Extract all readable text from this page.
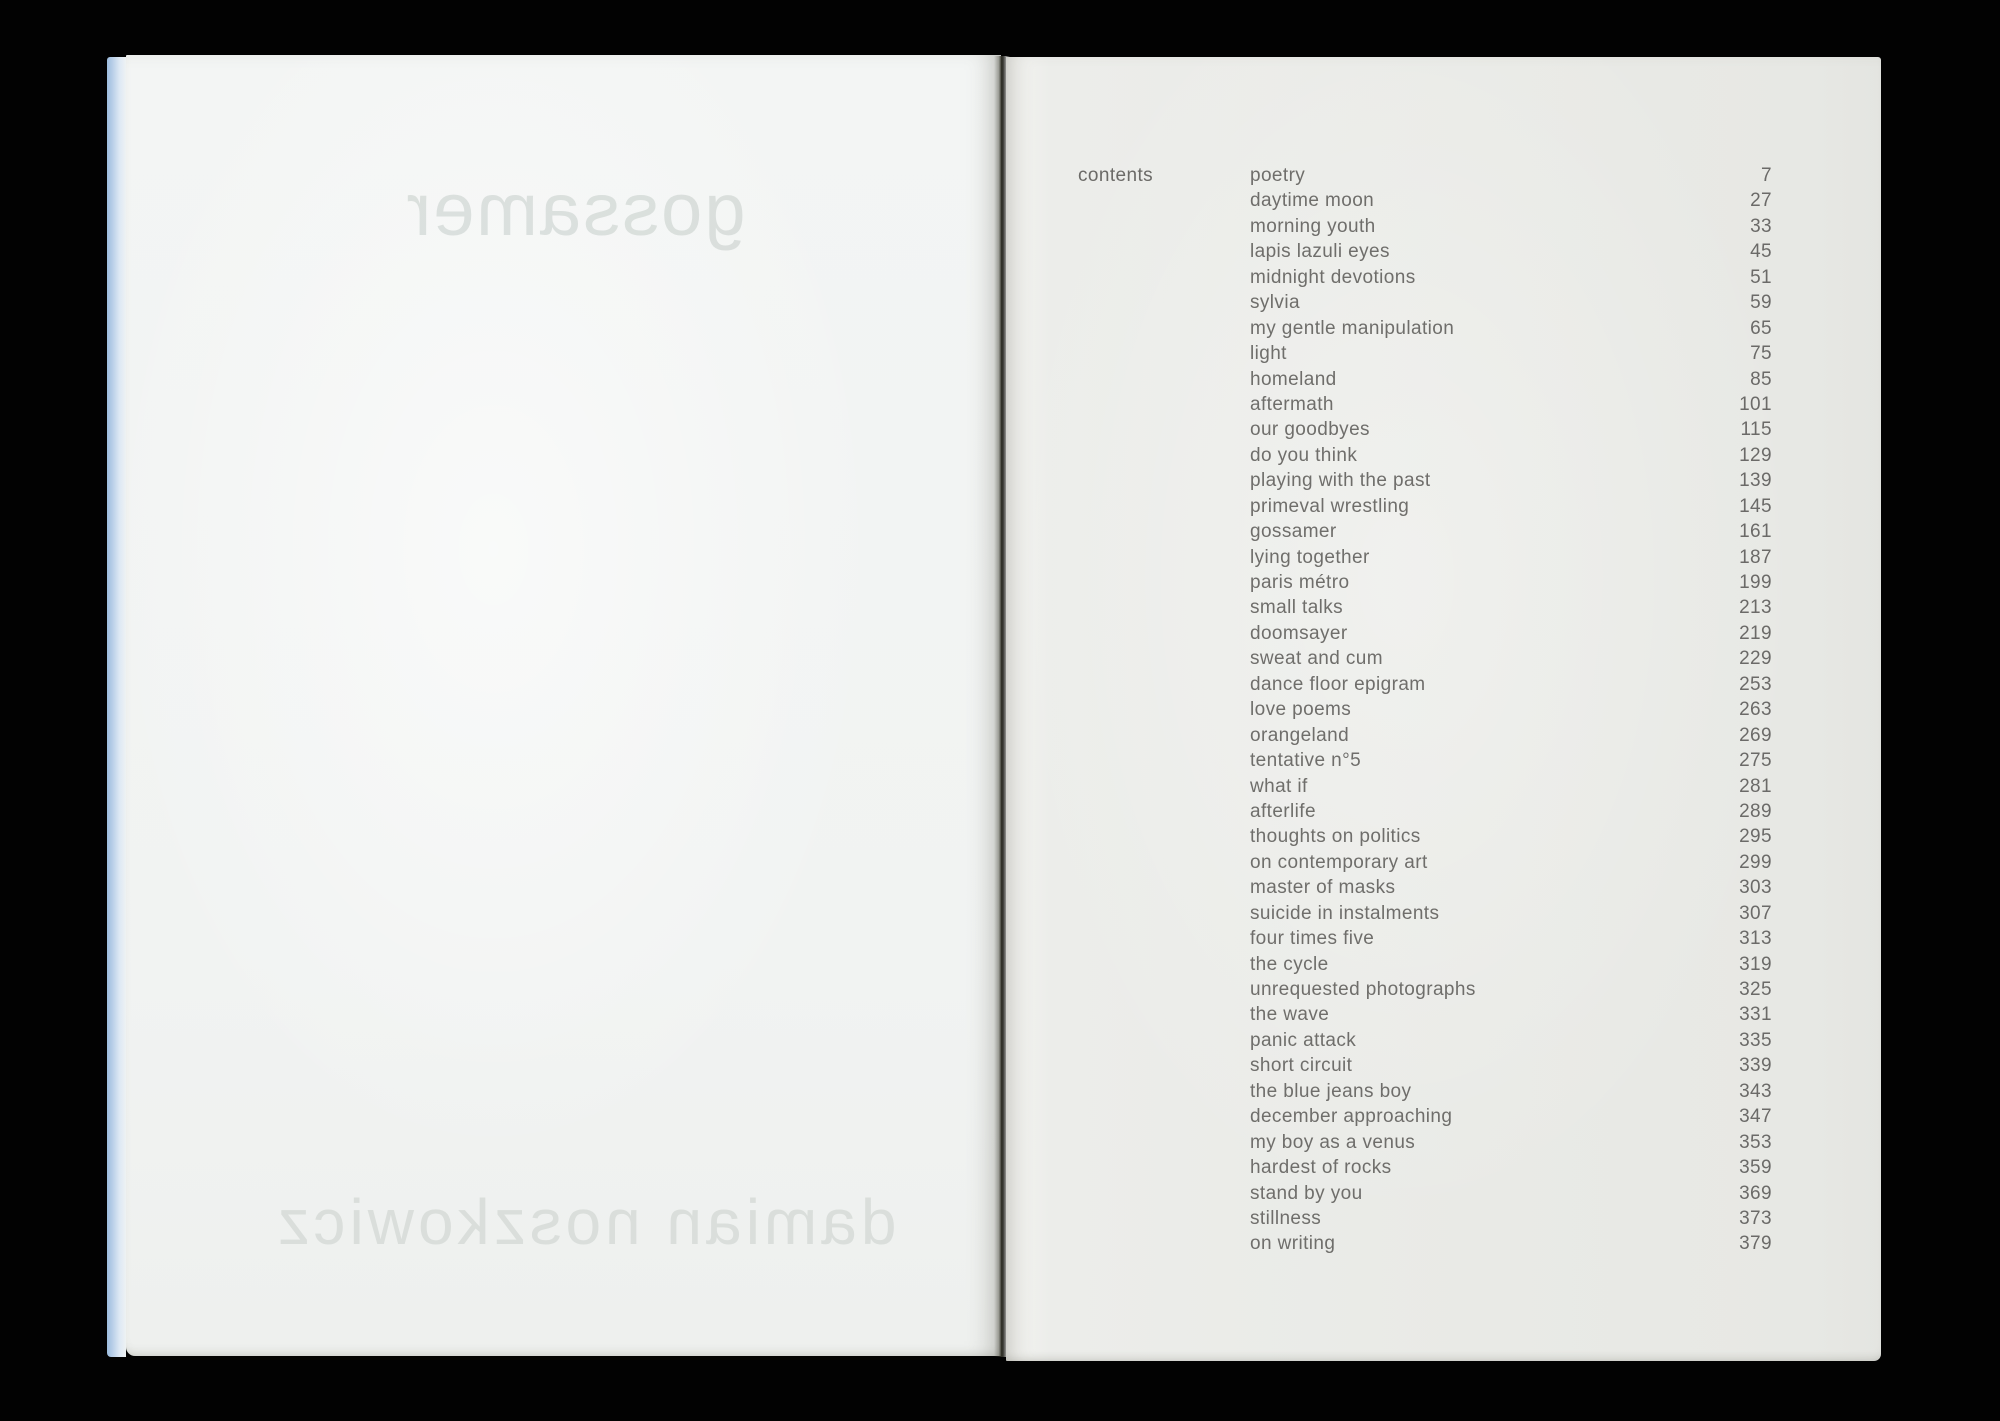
gossamer
damian noszkowicz
contents	poetry	7
daytime moon	27
morning youth	33
lapis lazuli eyes	45
midnight devotions	51
sylvia	59
my gentle manipulation	65
light	75
homeland	85
aftermath	101
our goodbyes	115
do you think	129
playing with the past	139
primeval wrestling	145
gossamer	161
lying together	187
paris métro	199
small talks	213
doomsayer	219
sweat and cum	229
dance floor epigram	253
love poems	263
orangeland	269
tentative n°5	275
what if	281
afterlife	289
thoughts on politics	295
on contemporary art	299
master of masks	303
suicide in instalments	307
four times five	313
the cycle	319
unrequested photographs	325
the wave	331
panic attack	335
short circuit	339
the blue jeans boy	343
december approaching	347
my boy as a venus	353
hardest of rocks	359
stand by you	369
stillness	373
on writing	379
